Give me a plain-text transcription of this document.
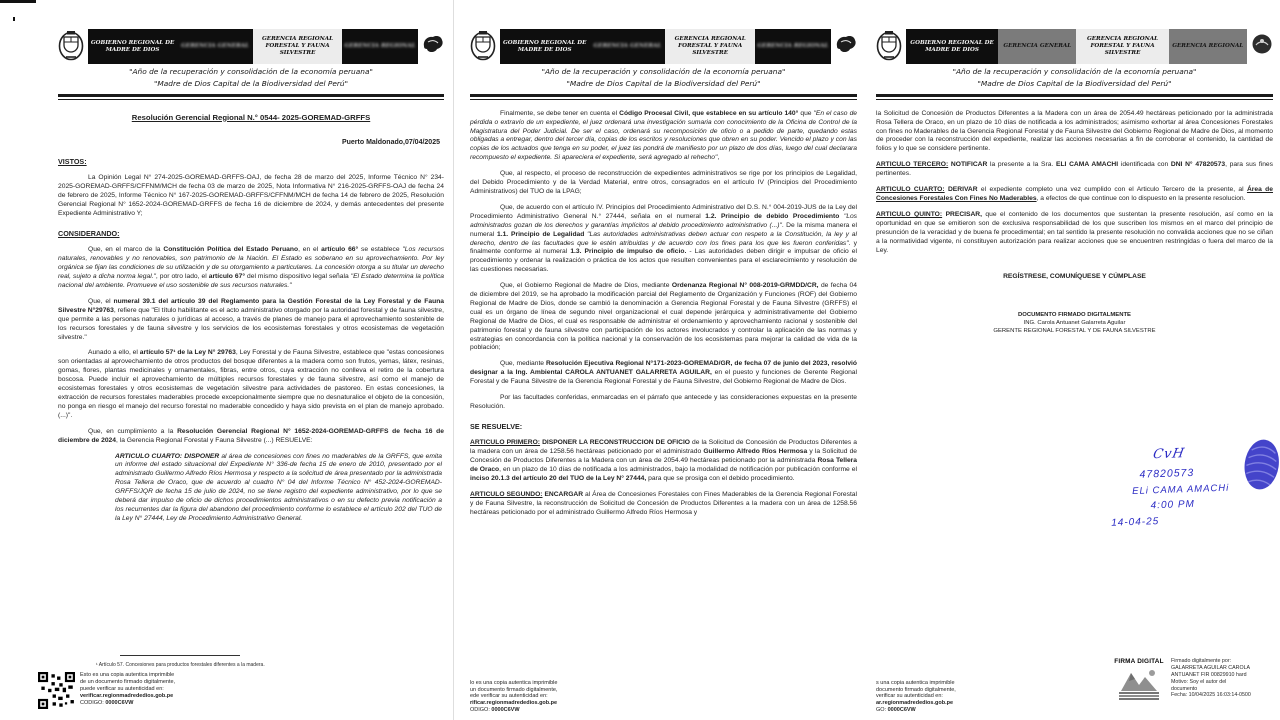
GOBIERNO REGIONAL DE MADRE DE DIOS
GERENCIA GENERAL
GERENCIA REGIONAL FORESTAL Y FAUNA SILVESTRE
GERENCIA REGIONAL
"Año de la recuperación y consolidación de la economía peruana"
"Madre de Dios Capital de la Biodiversidad del Perú"
Resolución Gerencial Regional N.° 0544- 2025-GOREMAD-GRFFS
Puerto Maldonado,07/04/2025
VISTOS:
La Opinión Legal N° 274-2025-GOREMAD-GRFFS-OAJ, de fecha 28 de marzo del 2025, Informe Técnico N° 234-2025-GOREMAD-GRFFS/CFFNM/MCH de fecha 03 de marzo de 2025, Nota Informativa N° 216-2025-GRFFS-OAJ de fecha 24 de febrero de 2025, Informe Técnico N° 167-2025-GOREMAD-GRFFS/CFFNM/MCH de fecha 14 de febrero de 2025, Resolución Gerencial Regional N° 1652-2024-GOREMAD-GRFFS de fecha 16 de diciembre de 2024, y demás antecedentes del presente Expediente Administrativo Y;
CONSIDERANDO:
Que, en el marco de la Constitución Política del Estado Peruano, en el artículo 66° se establece "Los recursos naturales, renovables y no renovables, son patrimonio de la Nación. El Estado es soberano en su aprovechamiento. Por ley orgánica se fijan las condiciones de su utilización y de su otorgamiento a particulares. La concesión otorga a su titular un derecho real, sujeto a dicha norma legal.", por otro lado, el artículo 67° del mismo dispositivo legal señala "El Estado determina la política nacional del ambiente. Promueve el uso sostenible de sus recursos naturales."
Que, el numeral 39.1 del artículo 39 del Reglamento para la Gestión Forestal de la Ley Forestal y de Fauna Silvestre N°29763, refiere que "El título habilitante es el acto administrativo otorgado por la autoridad forestal y de fauna silvestre, que permite a las personas naturales o jurídicas al acceso, a través de planes de manejo para el aprovechamiento sostenible de los recursos forestales y de fauna silvestre y los servicios de los ecosistemas forestales y otros ecosistemas de vegetación silvestre."
Aunado a ello, el artículo 57¹ de la Ley N° 29763, Ley Forestal y de Fauna Silvestre, establece que "estas concesiones son orientadas al aprovechamiento de otros productos del bosque diferentes a la madera como son frutos, yemas, látex, resinas, gomas, flores, plantas medicinales y ornamentales, fibras, entre otros, cuya extracción no conlleva el retiro de la cobertura boscosa. Puede incluir el aprovechamiento de múltiples recursos forestales y de fauna silvestre, así como el manejo de ecosistemas forestales y otros ecosistemas de vegetación silvestre para actividades de pastoreo. En estas concesiones, la extracción de recursos forestales maderables procede excepcionalmente siempre que no desnaturalice el objeto de la concesión, no ponga en riesgo el manejo del recurso forestal no maderable concedido y haya sido prevista en el plan de manejo aprobado. (...)".
Que, en cumplimiento a la Resolución Gerencial Regional N° 1652-2024-GOREMAD-GRFFS de fecha 16 de diciembre de 2024, la Gerencia Regional Forestal y Fauna Silvestre (...) RESUELVE:
ARTICULO CUARTO: DISPONER al área de concesiones con fines no maderables de la GRFFS, que emita un informe del estado situacional del Expediente N° 336-de fecha 15 de enero de 2010, presentado por el administrado Guillermo Alfredo Ríos Hermosa y respecto a la solicitud de área presentado por la administrada Rosa Tellera de Oraco, que de acuerdo al cuadro N° 04 del Informe Técnico N° 452-2024-GOREMAD-GRFFS/JQR de fecha 15 de julio de 2024, no se tiene registro del expediente administrativo, por lo que se deberá dar impulso de oficio de dichos procedimientos administrativos o en su defecto previa notificación a los recurrentes dar la figura del abandono del procedimiento conforme lo establece el artículo 202 del TUO de la Ley N° 27444, Ley de Procedimiento Administrativo General.
¹ Artículo 57. Concesiones para productos forestales diferentes a la madera.
Esto es una copia autentica imprimible
de un documento firmado digitalmente,
puede verificar su autenticidad en:
verificar.regionmadrededios.gob.pe
CODIGO: 0000C6VW
GOBIERNO REGIONAL DE MADRE DE DIOS
GERENCIA GENERAL
GERENCIA REGIONAL FORESTAL Y FAUNA SILVESTRE
GERENCIA REGIONAL
"Año de la recuperación y consolidación de la economía peruana"
"Madre de Dios Capital de la Biodiversidad del Perú"
Finalmente, se debe tener en cuenta el Código Procesal Civil, que establece en su artículo 140° que "En el caso de pérdida o extravío de un expediente, el juez ordenará una investigación sumaria con conocimiento de la Oficina de Control de la Magistratura del Poder Judicial. De ser el caso, ordenará su recomposición de oficio o a pedido de parte, quedando estas obligadas a entregar, dentro del tercer día, copias de los escritos y resoluciones que obren en su poder. Vencido el plazo y con las copias de los actuados que tenga en su poder, el juez las pondrá de manifiesto por un plazo de dos días, luego del cual declarara recompuesto el expediente. Si apareciera el expediente, será agregado al rehecho",
Que, al respecto, el proceso de reconstrucción de expedientes administrativos se rige por los principios de Legalidad, del Debido Procedimiento y de la Verdad Material, entre otros, consagrados en el artículo IV (Principios del Procedimiento Administrativos) del TUO de la LPAG;
Que, de acuerdo con el artículo IV. Principios del Procedimiento Administrativo del D.S. N.° 004-2019-JUS de la Ley del Procedimiento Administrativo General N.° 27444, señala en el numeral 1.2. Principio de debido Procedimiento "Los administrados gozan de los derechos y garantías implícitos al debido procedimiento administrativo (...)". De la misma manera el numeral 1.1. Principio de Legalidad "Las autoridades administrativas deben actuar con respeto a la Constitución, la ley y al derecho, dentro de las facultades que le estén atribuidas y de acuerdo con los fines para los que les fueron conferidas". y finalmente conforme al numeral 1.3. Principio de impulso de oficio. - Las autoridades deben dirigir e impulsar de oficio el procedimiento y ordenar la realización o práctica de los actos que resulten convenientes para el esclarecimiento y resolución de las cuestiones necesarias.
Que, el Gobierno Regional de Madre de Dios, mediante Ordenanza Regional N° 008-2019-GRMDD/CR, de fecha 04 de diciembre del 2019, se ha aprobado la modificación parcial del Reglamento de Organización y Funciones (ROF) del Gobierno Regional de Madre de Dios, donde se cambió la denominación a Gerencia Regional Forestal y de Fauna Silvestre (GRFFS) el cual es un órgano de línea de segundo nivel organizacional el cual depende jerárquica y administrativamente del Gobierno Regional de Madre de Dios, el cual es responsable de administrar el ordenamiento y aprovechamiento racional y sostenible del patrimonio forestal y de fauna silvestre con participación de los actores involucrados y controlar la aplicación de las normas y estrategias en concordancia con la política nacional y la conservación de los ecosistemas para mejorar la calidad de vida de la población;
Que, mediante Resolución Ejecutiva Regional N°171-2023-GOREMAD/GR, de fecha 07 de junio del 2023, resolvió designar a la Ing. Ambiental CAROLA ANTUANET GALARRETA AGUILAR, en el puesto y funciones de Gerente Regional Forestal y de Fauna Silvestre de la Gerencia Regional Forestal y de Fauna Silvestre, del Gobierno Regional de Madre de Dios.
Por las facultades conferidas, enmarcadas en el párrafo que antecede y las consideraciones expuestas en la presente Resolución.
SE RESUELVE:
ARTICULO PRIMERO: DISPONER LA RECONSTRUCCION DE OFICIO de la Solicitud de Concesión de Productos Diferentes a la madera con un área de 1258.56 hectáreas peticionado por el administrado Guillermo Alfredo Ríos Hermosa y la Solicitud de Concesión de Productos Diferentes a la Madera con un área de 2054.49 hectáreas peticionado por la administrada Rosa Tellera de Oraco, en un plazo de 10 días de notificada a los administrados, bajo la modalidad de notificación por publicación conforme el inciso 20.1.3 del artículo 20 del TUO de la Ley N° 27444, para que se prosiga con el debido procedimiento.
ARTICULO SEGUNDO: ENCARGAR al Área de Concesiones Forestales con Fines Maderables de la Gerencia Regional Forestal y de Fauna Silvestre, la reconstrucción de Solicitud de Concesión de Productos Diferentes a la madera con un área de 1258.56 hectáreas peticionado por el administrado Guillermo Alfredo Ríos Hermosa y
lo es una copia autentica imprimible
un documento firmado digitalmente,
ede verificar su autenticidad en:
rificar.regionmadrededios.gob.pe
ODIGO: 0000C6VW
GOBIERNO REGIONAL DE MADRE DE DIOS
GERENCIA GENERAL
GERENCIA REGIONAL FORESTAL Y FAUNA SILVESTRE
GERENCIA REGIONAL
"Año de la recuperación y consolidación de la economía peruana"
"Madre de Dios Capital de la Biodiversidad del Perú"
la Solicitud de Concesión de Productos Diferentes a la Madera con un área de 2054.49 hectáreas peticionado por la administrada Rosa Tellera de Oraco, en un plazo de 10 días de notificada a los administrados; asimismo exhortar al área Concesiones Forestales con fines no Maderables de la Gerencia Regional Forestal y de Fauna Silvestre del Gobierno Regional de Madre de Dios, al momento de proceder con la reconstrucción del expediente, realizar las acciones necesarias a fin de corroborar el contenido, la cantidad de folios y lo que se considere pertinente.
ARTICULO TERCERO: NOTIFICAR la presente a la Sra. ELI CAMA AMACHI identificada con DNI N° 47820573, para sus fines pertinentes.
ARTICULO CUARTO: DERIVAR el expediente completo una vez cumplido con el Articulo Tercero de la presente, al Área de Concesiones Forestales Con Fines No Maderables, a efectos de que continue con lo dispuesto en la presente resolucion.
ARTICULO QUINTO: PRECISAR, que el contenido de los documentos que sustentan la presente resolución, así como en la oportunidad en que se emitieron son de exclusiva responsabilidad de los que suscriben los mismos en el marco del principio de presunción de la veracidad y de buena fe procedimental; en tal sentido la presente resolución no convalida acciones que no se ciñan a la normatividad vigente, ni constituyen autorización para realizar acciones que se encuentren restringidas o fuera del marco de la Ley.
REGÍSTRESE, COMUNÍQUESE Y CÚMPLASE
DOCUMENTO FIRMADO DIGITALMENTE
ING. Carola Antuanet Galarreta Aguilar
GERENTE REGIONAL FORESTAL Y DE FAUNA SILVESTRE
CvH
47820573
ELi CAMA AMACHi
4:00 PM
14-04-25
FIRMA DIGITAL	Firmado digitalmente por:
GALARRETA AGUILAR CAROLA
ANTUANET FIR 00829910 hard
Motivo: Soy el autor del
documento
Fecha: 10/04/2025 16:03:14-0500
s una copia autentica imprimible
documento firmado digitalmente,
verificar su autenticidad en:
ar.regionmadrededios.gob.pe
GO: 0000C6VW
